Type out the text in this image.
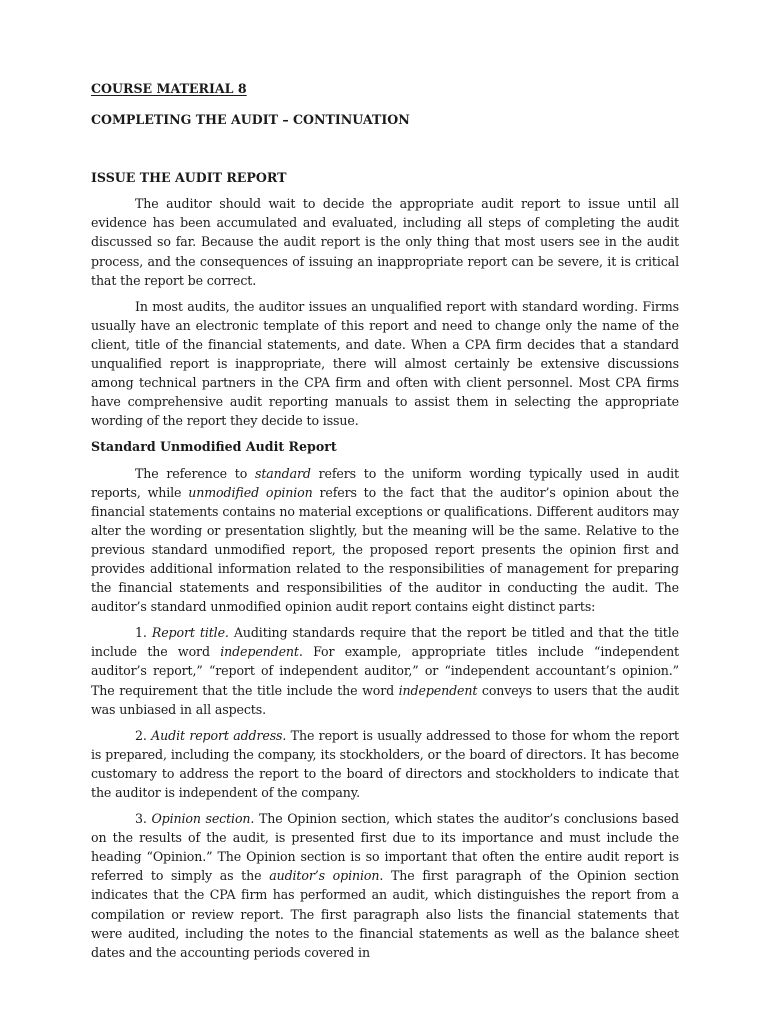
COURSE MATERIAL 8
COMPLETING THE AUDIT – CONTINUATION
ISSUE THE AUDIT REPORT

The auditor should wait to decide the appropriate audit report to issue until all evidence has been accumulated and evaluated, including all steps of completing the audit discussed so far. Because the audit report is the only thing that most users see in the audit process, and the consequences of issuing an inappropriate report can be severe, it is critical that the report be correct.

In most audits, the auditor issues an unqualified report with standard wording. Firms usually have an electronic template of this report and need to change only the name of the client, title of the financial statements, and date. When a CPA firm decides that a standard unqualified report is inappropriate, there will almost certainly be extensive discussions among technical partners in the CPA firm and often with client personnel. Most CPA firms have comprehensive audit reporting manuals to assist them in selecting the appropriate wording of the report they decide to issue.

Standard Unmodified Audit Report

The reference to standard refers to the uniform wording typically used in audit reports, while unmodified opinion refers to the fact that the auditor’s opinion about the financial statements contains no material exceptions or qualifications. Different auditors may alter the wording or presentation slightly, but the meaning will be the same. Relative to the previous standard unmodified report, the proposed report presents the opinion first and provides additional information related to the responsibilities of management for preparing the financial statements and responsibilities of the auditor in conducting the audit. The auditor’s standard unmodified opinion audit report contains eight distinct parts:

1. Report title. Auditing standards require that the report be titled and that the title include the word independent. For example, appropriate titles include “independent auditor’s report,” “report of independent auditor,” or “independent accountant’s opinion.” The requirement that the title include the word independent conveys to users that the audit was unbiased in all aspects.

2. Audit report address. The report is usually addressed to those for whom the report is prepared, including the company, its stockholders, or the board of directors. It has become customary to address the report to the board of directors and stockholders to indicate that the auditor is independent of the company.

3. Opinion section. The Opinion section, which states the auditor’s conclusions based on the results of the audit, is presented first due to its importance and must include the heading “Opinion.” The Opinion section is so important that often the entire audit report is referred to simply as the auditor’s opinion. The first paragraph of the Opinion section indicates that the CPA firm has performed an audit, which distinguishes the report from a compilation or review report. The first paragraph also lists the financial statements that were audited, including the notes to the financial statements as well as the balance sheet dates and the accounting periods covered in
